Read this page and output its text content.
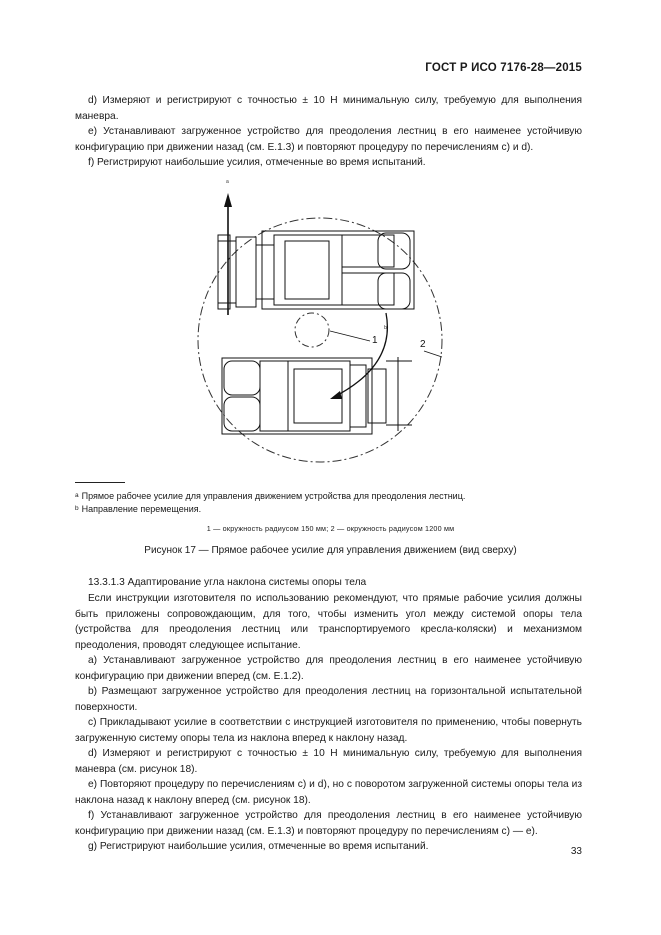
ГОСТ Р ИСО 7176-28—2015

d) Измеряют и регистрируют с точностью ± 10 Н минимальную силу, требуемую для выполнения маневра.

e) Устанавливают загруженное устройство для преодоления лестниц в его наименее устойчивую конфигурацию при движении назад (см. Е.1.3) и повторяют процедуру по перечислениям с) и d).

f) Регистрируют наибольшие усилия, отмеченные во время испытаний.

a
b
1	2
$^a$ Прямое рабочее усилие для управления движением устройства для преодоления лестниц.
$^b$ Направление перемещения.
1 — окружность радиусом 150 мм; 2 — окружность радиусом 1200 мм
Рисунок 17 — Прямое рабочее усилие для управления движением (вид сверху)

13.3.1.3 Адаптирование угла наклона системы опоры тела

Если инструкции изготовителя по использованию рекомендуют, что прямые рабочие усилия должны быть приложены сопровождающим, для того, чтобы изменить угол между системой опоры тела (устройства для преодоления лестниц или транспортируемого кресла-коляски) и механизмом преодоления, проводят следующее испытание.

a) Устанавливают загруженное устройство для преодоления лестниц в его наименее устойчивую конфигурацию при движении вперед (см. Е.1.2).

b) Размещают загруженное устройство для преодоления лестниц на горизонтальной испытательной поверхности.

c) Прикладывают усилие в соответствии с инструкцией изготовителя по применению, чтобы повернуть загруженную систему опоры тела из наклона вперед к наклону назад.

d) Измеряют и регистрируют с точностью ± 10 Н минимальную силу, требуемую для выполнения маневра (см. рисунок 18).

e) Повторяют процедуру по перечислениям с) и d), но с поворотом загруженной системы опоры тела из наклона назад к наклону вперед (см. рисунок 18).

f) Устанавливают загруженное устройство для преодоления лестниц в его наименее устойчивую конфигурацию при движении назад (см. Е.1.3) и повторяют процедуру по перечислениям с) — е).

g) Регистрируют наибольшие усилия, отмеченные во время испытаний.	33
